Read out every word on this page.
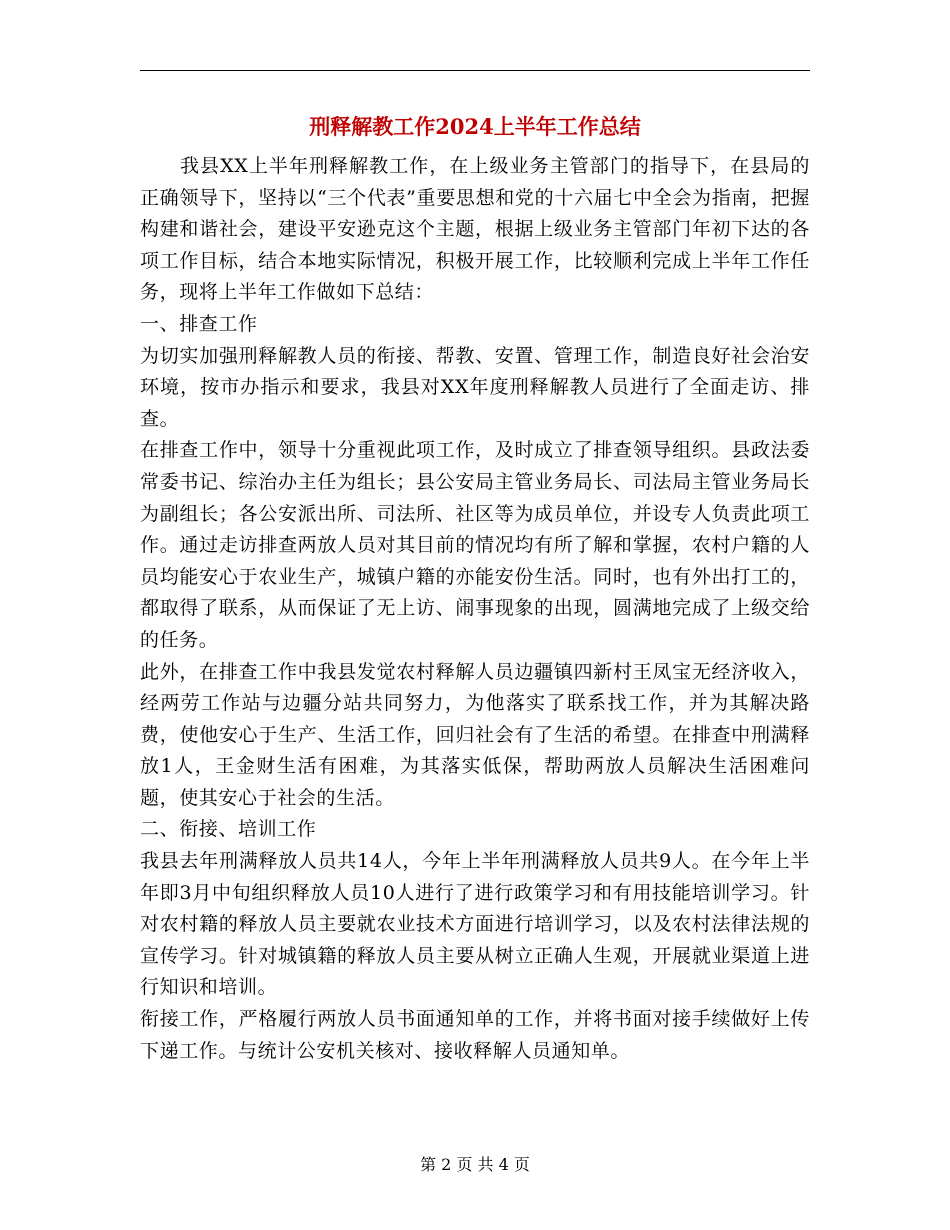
刑释解教工作2024上半年工作总结

我县XX上半年刑释解教工作，在上级业务主管部门的指导下，在县局的正确领导下，坚持以“三个代表”重要思想和党的十六届七中全会为指南，把握构建和谐社会，建设平安逊克这个主题，根据上级业务主管部门年初下达的各项工作目标，结合本地实际情况，积极开展工作，比较顺利完成上半年工作任务，现将上半年工作做如下总结：

一、排查工作

为切实加强刑释解教人员的衔接、帮教、安置、管理工作，制造良好社会治安环境，按市办指示和要求，我县对XX年度刑释解教人员进行了全面走访、排查。

在排查工作中，领导十分重视此项工作，及时成立了排查领导组织。县政法委常委书记、综治办主任为组长；县公安局主管业务局长、司法局主管业务局长为副组长；各公安派出所、司法所、社区等为成员单位，并设专人负责此项工作。通过走访排查两放人员对其目前的情况均有所了解和掌握，农村户籍的人员均能安心于农业生产，城镇户籍的亦能安份生活。同时，也有外出打工的，都取得了联系，从而保证了无上访、闹事现象的出现，圆满地完成了上级交给的任务。

此外，在排查工作中我县发觉农村释解人员边疆镇四新村王凤宝无经济收入，经两劳工作站与边疆分站共同努力，为他落实了联系找工作，并为其解决路费，使他安心于生产、生活工作，回归社会有了生活的希望。在排查中刑满释放1人，王金财生活有困难，为其落实低保，帮助两放人员解决生活困难问题，使其安心于社会的生活。

二、衔接、培训工作

我县去年刑满释放人员共14人，今年上半年刑满释放人员共9人。在今年上半年即3月中旬组织释放人员10人进行了进行政策学习和有用技能培训学习。针对农村籍的释放人员主要就农业技术方面进行培训学习，以及农村法律法规的宣传学习。针对城镇籍的释放人员主要从树立正确人生观，开展就业渠道上进行知识和培训。

衔接工作，严格履行两放人员书面通知单的工作，并将书面对接手续做好上传下递工作。与统计公安机关核对、接收释解人员通知单。

第 2 页 共 4 页
